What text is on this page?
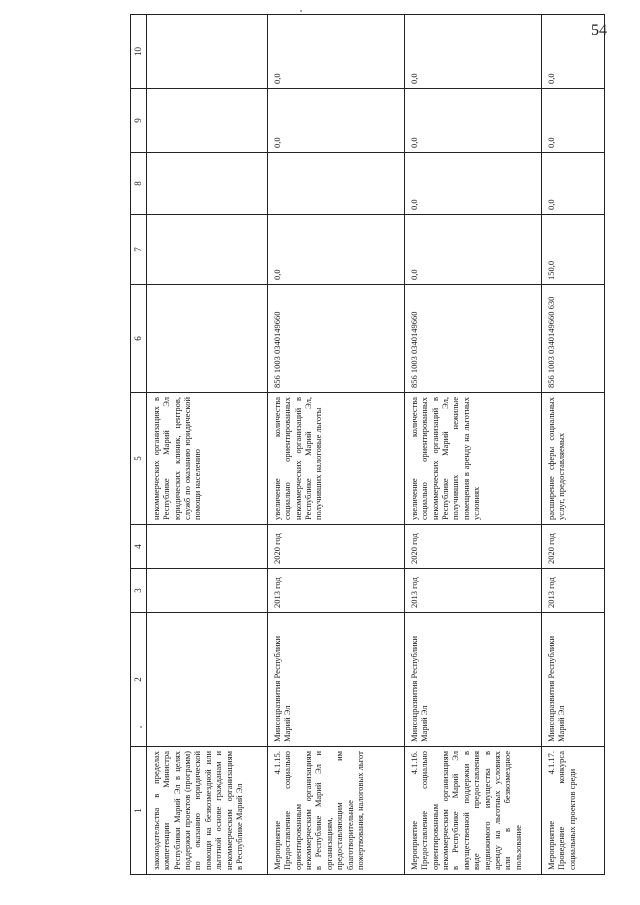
54
1	2	3	4	5	6	7	8	9	10
законодательства в пределах компетенции Министра Республики Марий Эл в целях поддержки проектов (программ) по оказанию юридической помощи на безвозмездной или льготной основе гражданам и некоммерческим организациям в Республике Марий Эл				некоммерческих организациях в Республике Марий Эл юридических клиник, центров, служб по оказанию юридической помощи населению					
Мероприятие 4.1.15. Предоставление социально ориентированным некоммерческим организациям в Республике Марий Эл и организациям, предоставляющим им благотворительные пожертвования, налоговых льгот	Минсоцразвития Республики Марий Эл	2013 год	2020 год	увеличение количества социально ориентированных некоммерческих организаций в Республике Марий Эл, получивших налоговые льготы	856 1003 0340149660	0,0		0,0	0,0
Мероприятие 4.1.16. Предоставление социально ориентированным некоммерческим организациям в Республике Марий Эл имущественной поддержки в виде предоставления недвижимого имущества в аренду на льготных условиях или в безвозмездное пользование	Минсоцразвития Республики Марий Эл	2013 год	2020 год	увеличение количества социально ориентированных некоммерческих организаций в Республике Марий Эл, получивших нежилые помещения в аренду на льготных условиях	856 1003 0340149660	0,0	0,0	0,0	0,0
Мероприятие 4.1.17. Проведение конкурса социальных проектов среди	Минсоцразвития Республики Марий Эл	2013 год	2020 год	расширение сферы социальных услуг, предоставляемых	856 1003 0340149660 630	150,0	0,0	0,0	0,0
